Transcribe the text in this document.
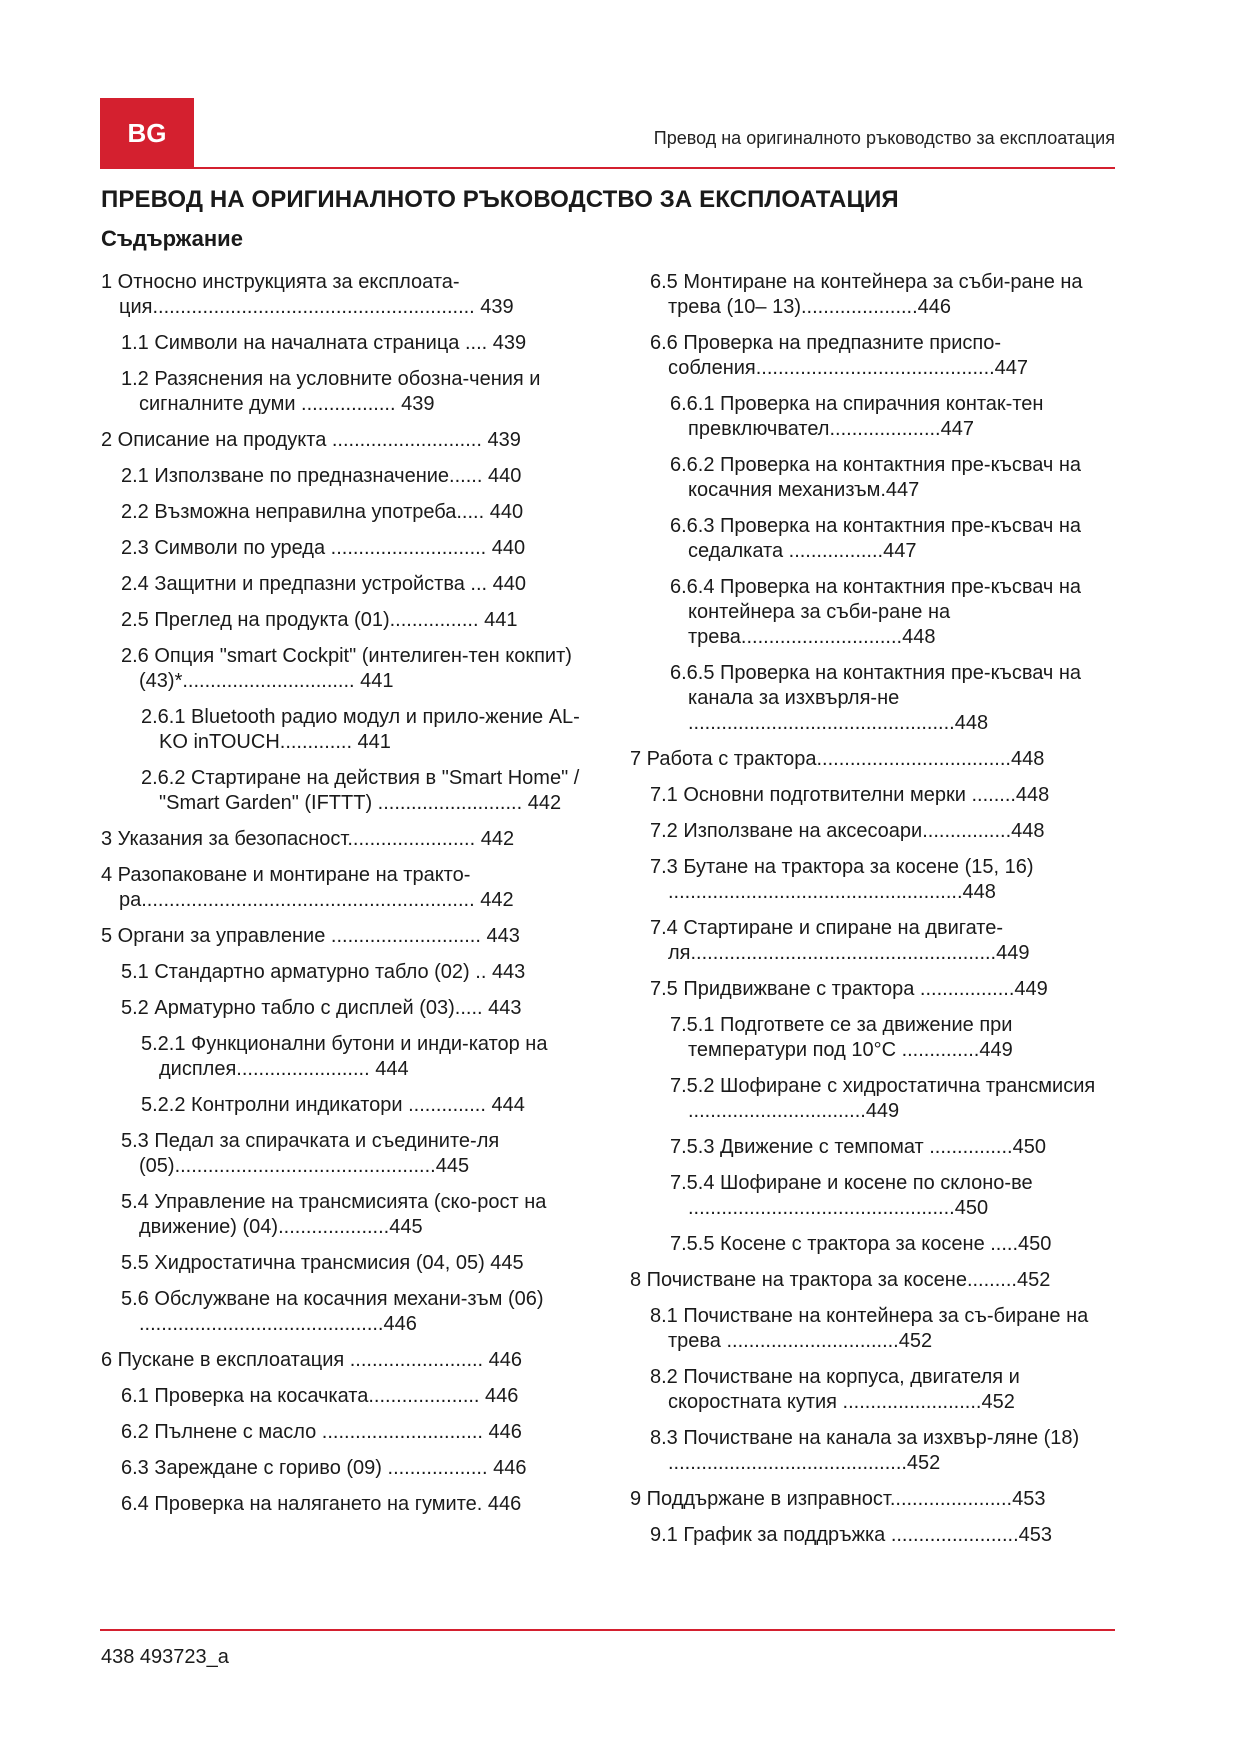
BG	Превод на оригиналното ръководство за експлоатация
ПРЕВОД НА ОРИГИНАЛНОТО РЪКОВОДСТВО ЗА ЕКСПЛОАТАЦИЯ
Съдържание
1 Относно инструкцията за експлоата-ция.......................................................... 439
1.1 Символи на началната страница .... 439
1.2 Разяснения на условните обозна-чения и сигналните думи ................. 439
2 Описание на продукта ........................... 439
2.1 Използване по предназначение...... 440
2.2 Възможна неправилна употреба..... 440
2.3 Символи по уреда ............................ 440
2.4 Защитни и предпазни устройства ... 440
2.5 Преглед на продукта (01)................ 441
2.6 Опция "smart Cockpit" (интелиген-тен кокпит) (43)*............................... 441
2.6.1 Bluetooth радио модул и прило-жение AL-KO inTOUCH............. 441
2.6.2 Стартиране на действия в "Smart Home" / "Smart Garden" (IFTTT) .......................... 442
3 Указания за безопасност....................... 442
4 Разопаковане и монтиране на тракто-ра............................................................ 442
5 Органи за управление ........................... 443
5.1 Стандартно арматурно табло (02) .. 443
5.2 Арматурно табло с дисплей (03)..... 443
5.2.1 Функционални бутони и инди-катор на дисплея........................ 444
5.2.2 Контролни индикатори .............. 444
5.3 Педал за спирачката и съедините-ля (05)...............................................445
5.4 Управление на трансмисията (ско-рост на движение) (04)....................445
5.5 Хидростатична трансмисия (04, 05) 445
5.6 Обслужване на косачния механи-зъм (06) ............................................446
6 Пускане в експлоатация ........................ 446
6.1 Проверка на косачката.................... 446
6.2 Пълнене с масло ............................. 446
6.3 Зареждане с гориво (09) .................. 446
6.4 Проверка на налягането на гумите. 446
6.5 Монтиране на контейнера за съби-ране на трева (10– 13).....................446
6.6 Проверка на предпазните приспо-собления...........................................447
6.6.1 Проверка на спирачния контак-тен превключвател....................447
6.6.2 Проверка на контактния пре-късвач на косачния механизъм.447
6.6.3 Проверка на контактния пре-късвач на седалката .................447
6.6.4 Проверка на контактния пре-късвач на контейнера за съби-ране на трева.............................448
6.6.5 Проверка на контактния пре-късвач на канала за изхвърля-не ................................................448
7 Работа с трактора...................................448
7.1 Основни подготвителни мерки ........448
7.2 Използване на аксесоари................448
7.3 Бутане на трактора за косене (15, 16) .....................................................448
7.4 Стартиране и спиране на двигате-ля.......................................................449
7.5 Придвижване с трактора .................449
7.5.1 Подгответе се за движение при температури под 10°C ..............449
7.5.2 Шофиране с хидростатична трансмисия ................................449
7.5.3 Движение с темпомат ...............450
7.5.4 Шофиране и косене по склоно-ве ................................................450
7.5.5 Косене с трактора за косене .....450
8 Почистване на трактора за косене.........452
8.1 Почистване на контейнера за съ-биране на трева ...............................452
8.2 Почистване на корпуса, двигателя и скоростната кутия .........................452
8.3 Почистване на канала за изхвър-ляне (18) ...........................................452
9 Поддържане в изправност......................453
9.1 График за поддръжка .......................453
438 493723_a
